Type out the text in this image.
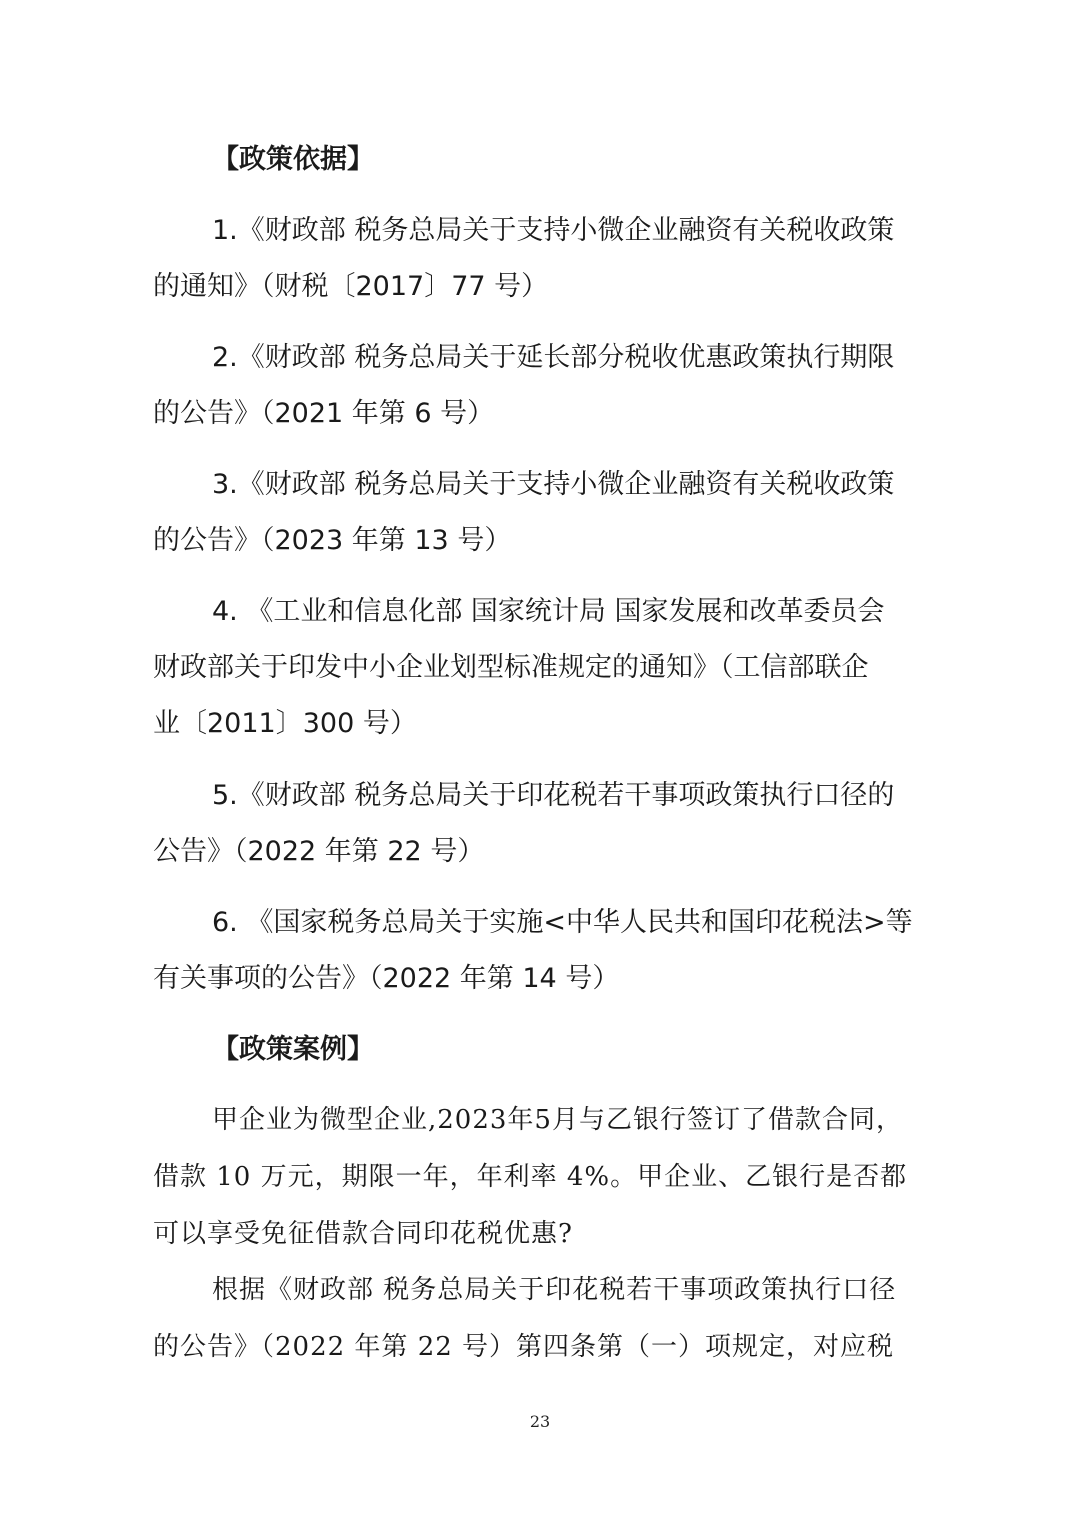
【政策依据】
1.《财政部 税务总局关于支持小微企业融资有关税收政策
的通知》（财税〔2017〕77 号）
2.《财政部 税务总局关于延长部分税收优惠政策执行期限
的公告》（2021 年第 6 号）
3.《财政部 税务总局关于支持小微企业融资有关税收政策
的公告》（2023 年第 13 号）
4. 《工业和信息化部 国家统计局 国家发展和改革委员会
财政部关于印发中小企业划型标准规定的通知》（工信部联企
业〔2011〕300 号）
5.《财政部 税务总局关于印花税若干事项政策执行口径的
公告》（2022 年第 22 号）
6. 《国家税务总局关于实施<中华人民共和国印花税法>等
有关事项的公告》（2022 年第 14 号）
【政策案例】
甲企业为微型企业,2023年5月与乙银行签订了借款合同，
借款 10 万元，期限一年，年利率 4%。甲企业、乙银行是否都
可以享受免征借款合同印花税优惠?
根据《财政部 税务总局关于印花税若干事项政策执行口径
的公告》（2022 年第 22 号）第四条第（一）项规定，对应税
23
